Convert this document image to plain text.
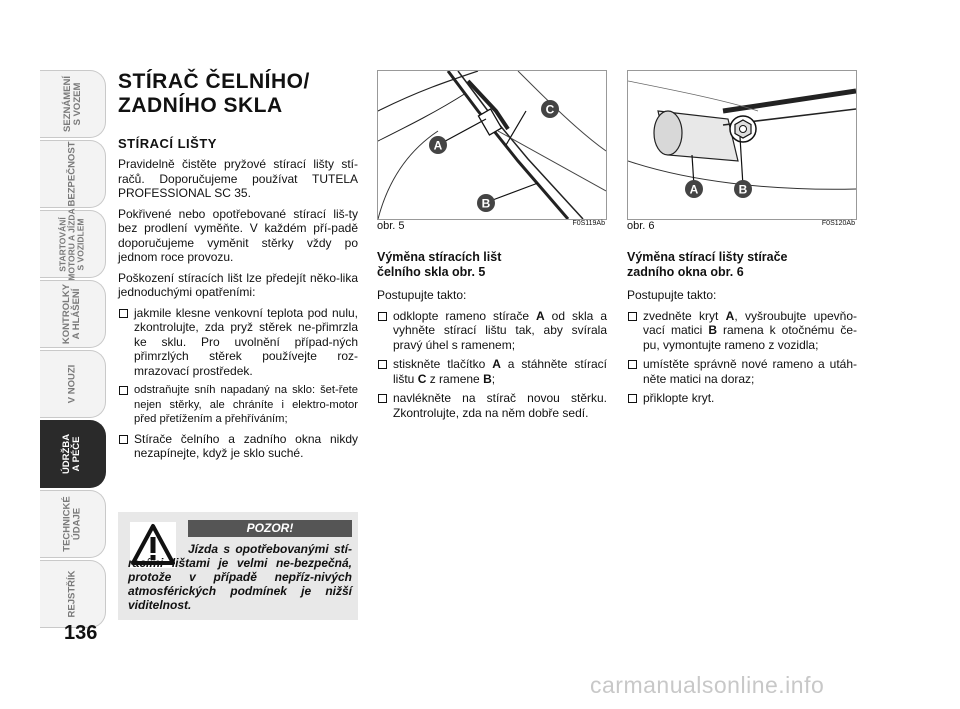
SEZNÁMENÍ
S VOZEM
BEZPEČNOST
STARTOVÁNÍ
MOTORU A JÍZDA
S VOZIDLEM
KONTROLKY
A HLÁŠENÍ
V NOUZI
ÚDRŽBA
A PÉČE
TECHNICKÉ
ÚDAJE
REJSTŘÍK
136
STÍRAČ ČELNÍHO/
ZADNÍHO SKLA
STÍRACÍ LIŠTY

Pravidelně čistěte pryžové stírací lišty stí-račů. Doporučujeme používat TUTELA PROFESSIONAL SC 35.

Pokřivené nebo opotřebované stírací liš-ty bez prodlení vyměňte. V každém pří-padě doporučujeme vyměnit stěrky vždy po jednom roce provozu.

Poškození stíracích lišt lze předejít něko-lika jednoduchými opatřeními:

jakmile klesne venkovní teplota pod nulu, zkontrolujte, zda pryž stěrek ne-přimrzla ke sklu. Pro uvolnění případ-ných přimrzlých stěrek používejte roz-mrazovací prostředek.
odstraňujte sníh napadaný na sklo: šet-řete nejen stěrky, ale chráníte i elektro-motor před přetížením a přehříváním;
Stírače čelního a zadního okna nikdy nezapínejte, když je sklo suché.
POZOR!
Jízda s opotřebovanými stí-racími lištami je velmi ne-bezpečná, protože v případě nepříz-nivých atmosférických podmínek je nižší viditelnost.
A
C
B
obr. 5	F0S119Ab
A	B
obr. 6	F0S120Ab
Výměna stíracích lišt
čelního skla obr. 5

Postupujte takto:

odklopte rameno stírače A od skla a vyhněte stírací lištu tak, aby svírala pravý úhel s ramenem;
stiskněte tlačítko A a stáhněte stírací lištu C z ramene B;
navlékněte na stírač novou stěrku. Zkontrolujte, zda na něm dobře sedí.
Výměna stírací lišty stírače
zadního okna obr. 6

Postupujte takto:

zvedněte kryt A, vyšroubujte upevňo-vací matici B ramena k otočnému če-pu, vymontujte rameno z vozidla;
umístěte správně nové rameno a utáh-něte matici na doraz;
přiklopte kryt.
carmanualsonline.info
